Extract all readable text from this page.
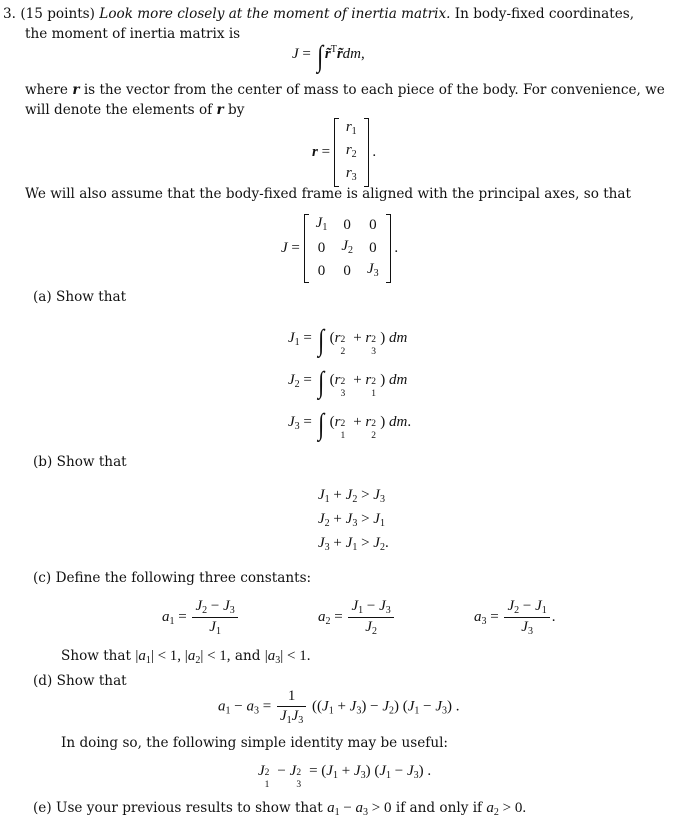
3. (15 points) Look more closely at the moment of inertia matrix. In body-fixed coordinates,
the moment of inertia matrix is
J = ∫ r̃$^T$r̃dm,
where r is the vector from the center of mass to each piece of the body. For convenience, we
will denote the elements of r by
r =
$r_1$
$r_2$
$r_3$
.
We will also assume that the body-fixed frame is aligned with the principal axes, so that
J =
$J_1$	0	0
0	$J_2$	0
0	0	$J_3$
.
(a) Show that
$J_1$ = ∫ (r 2
2
+ r 2
3
) dm
$J_2$ = ∫ (r 2
3
+ r 2
1
) dm
$J_3$ = ∫ (r 2
1
+ r 2
2
) dm.
(b) Show that
$J_1 + J_2 > J_3$
$J_2 + J_3 > J_1$
$J_3 + J_1 > J_2$.
(c) Define the following three constants:
$a_1 = \frac{J_2 - J_3}{J_1}$	$a_2 = \frac{J_1 - J_3}{J_2}$	$a_3 = \frac{J_2 - J_1}{J_3}$ .
Show that $|a_1| < 1$, $|a_2| < 1$, and $|a_3| < 1$.
(d) Show that
$a_1 - a_3 = \frac{1}{J_1J_3} ((J_1 + J_3) - J_2) (J_1 - J_3)$ .
In doing so, the following simple identity may be useful:
J 2
1
− J 2
3
= $(J_1 + J_3) (J_1 - J_3)$ .
(e) Use your previous results to show that $a_1 - a_3 > 0$ if and only if $a_2 > 0$.
